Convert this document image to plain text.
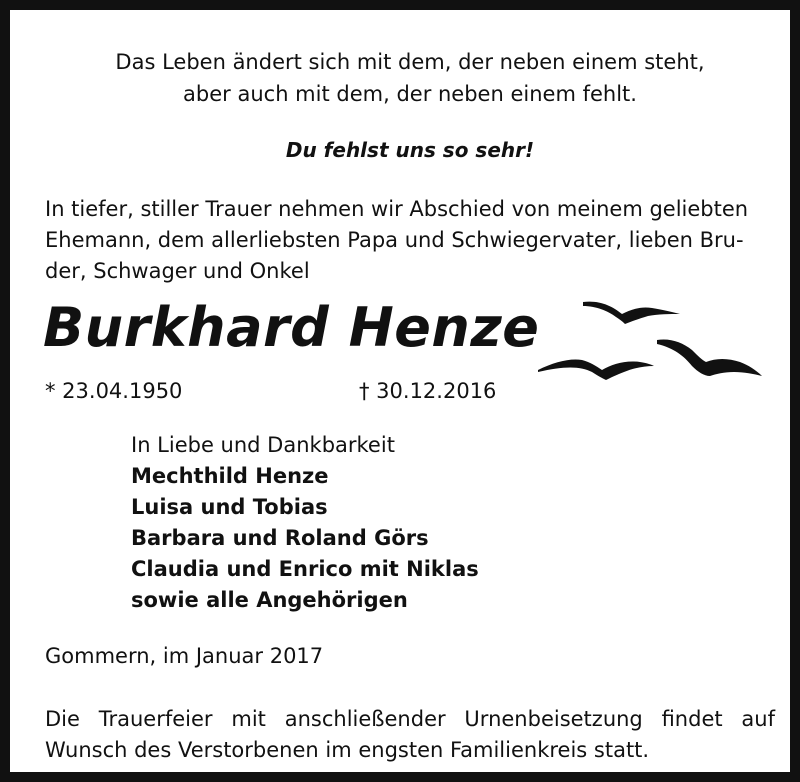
Das Leben ändert sich mit dem, der neben einem steht,
aber auch mit dem, der neben einem fehlt.
Du fehlst uns so sehr!
In tiefer, stiller Trauer nehmen wir Abschied von meinem geliebten
Ehemann, dem allerliebsten Papa und Schwiegervater, lieben Bru-
der, Schwager und Onkel
Burkhard Henze
* 23.04.1950	† 30.12.2016
In Liebe und Dankbarkeit
Mechthild Henze
Luisa und Tobias
Barbara und Roland Görs
Claudia und Enrico mit Niklas
sowie alle Angehörigen
Gommern, im Januar 2017
Die Trauerfeier mit anschließender Urnenbeisetzung findet auf
Wunsch des Verstorbenen im engsten Familienkreis statt.
